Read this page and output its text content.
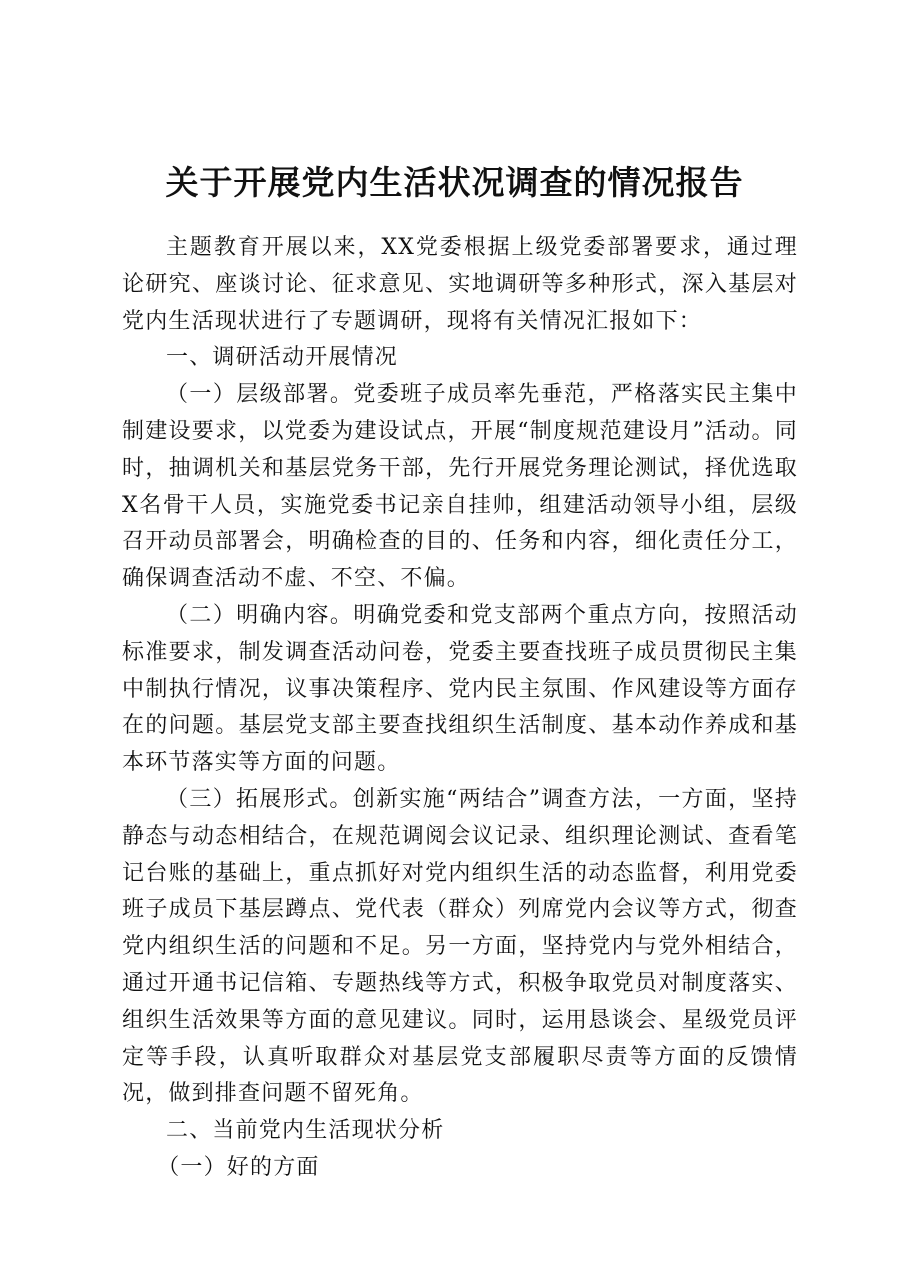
关于开展党内生活状况调查的情况报告

主题教育开展以来，XX党委根据上级党委部署要求，通过理论研究、座谈讨论、征求意见、实地调研等多种形式，深入基层对党内生活现状进行了专题调研，现将有关情况汇报如下：

一、调研活动开展情况

（一）层级部署。党委班子成员率先垂范，严格落实民主集中制建设要求，以党委为建设试点，开展“制度规范建设月”活动。同时，抽调机关和基层党务干部，先行开展党务理论测试，择优选取X名骨干人员，实施党委书记亲自挂帅，组建活动领导小组，层级召开动员部署会，明确检查的目的、任务和内容，细化责任分工，确保调查活动不虚、不空、不偏。

（二）明确内容。明确党委和党支部两个重点方向，按照活动标准要求，制发调查活动问卷，党委主要查找班子成员贯彻民主集中制执行情况，议事决策程序、党内民主氛围、作风建设等方面存在的问题。基层党支部主要查找组织生活制度、基本动作养成和基本环节落实等方面的问题。

（三）拓展形式。创新实施“两结合”调查方法，一方面，坚持静态与动态相结合，在规范调阅会议记录、组织理论测试、查看笔记台账的基础上，重点抓好对党内组织生活的动态监督，利用党委班子成员下基层蹲点、党代表（群众）列席党内会议等方式，彻查党内组织生活的问题和不足。另一方面，坚持党内与党外相结合，通过开通书记信箱、专题热线等方式，积极争取党员对制度落实、组织生活效果等方面的意见建议。同时，运用恳谈会、星级党员评定等手段，认真听取群众对基层党支部履职尽责等方面的反馈情况，做到排查问题不留死角。

二、当前党内生活现状分析

（一）好的方面
